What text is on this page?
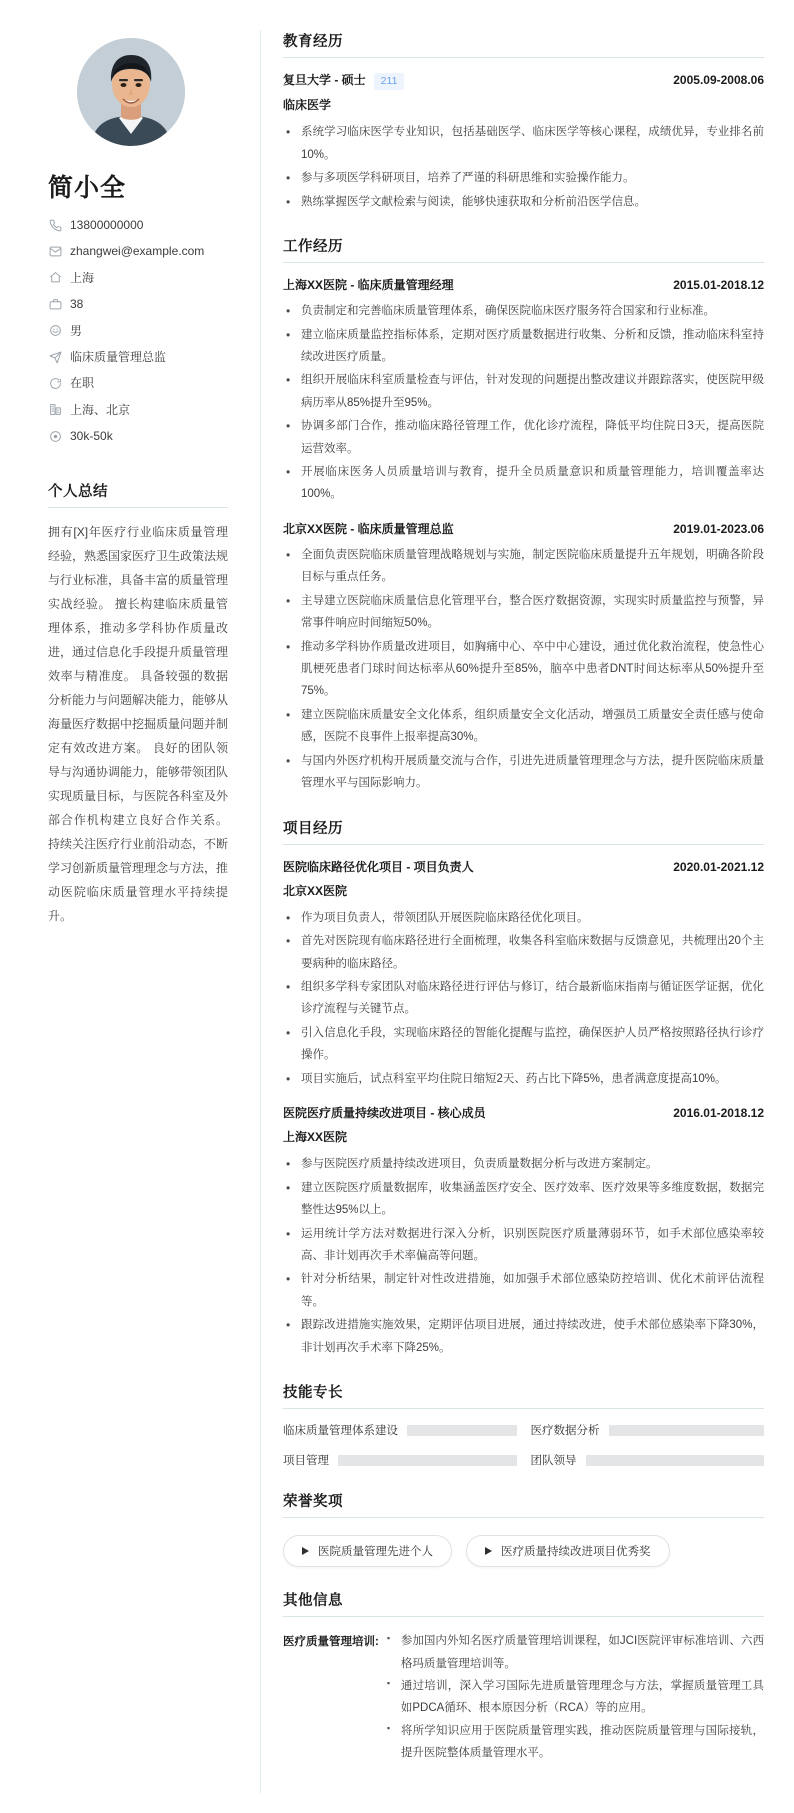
简小全
13800000000
zhangwei@example.com
上海
38
男
临床质量管理总监
在职
上海、北京
30k-50k
个人总结

拥有[X]年医疗行业临床质量管理经验，熟悉国家医疗卫生政策法规与行业标准，具备丰富的质量管理实战经验。 擅长构建临床质量管理体系，推动多学科协作质量改进，通过信息化手段提升质量管理效率与精准度。 具备较强的数据分析能力与问题解决能力，能够从海量医疗数据中挖掘质量问题并制定有效改进方案。 良好的团队领导与沟通协调能力，能够带领团队实现质量目标，与医院各科室及外部合作机构建立良好合作关系。 持续关注医疗行业前沿动态，不断学习创新质量管理理念与方法，推动医院临床质量管理水平持续提升。

教育经历
复旦大学 - 硕士	211	2005.09-2008.06
临床医学
• 系统学习临床医学专业知识，包括基础医学、临床医学等核心课程，成绩优异，专业排名前10%。
• 参与多项医学科研项目，培养了严谨的科研思维和实验操作能力。
• 熟练掌握医学文献检索与阅读，能够快速获取和分析前沿医学信息。
工作经历
上海XX医院 - 临床质量管理经理	2015.01-2018.12
• 负责制定和完善临床质量管理体系，确保医院临床医疗服务符合国家和行业标准。
• 建立临床质量监控指标体系，定期对医疗质量数据进行收集、分析和反馈，推动临床科室持续改进医疗质量。
• 组织开展临床科室质量检查与评估，针对发现的问题提出整改建议并跟踪落实，使医院甲级病历率从85%提升至95%。
• 协调多部门合作，推动临床路径管理工作，优化诊疗流程，降低平均住院日3天，提高医院运营效率。
• 开展临床医务人员质量培训与教育，提升全员质量意识和质量管理能力，培训覆盖率达100%。
北京XX医院 - 临床质量管理总监	2019.01-2023.06
• 全面负责医院临床质量管理战略规划与实施，制定医院临床质量提升五年规划，明确各阶段目标与重点任务。
• 主导建立医院临床质量信息化管理平台，整合医疗数据资源，实现实时质量监控与预警，异常事件响应时间缩短50%。
• 推动多学科协作质量改进项目，如胸痛中心、卒中中心建设，通过优化救治流程，使急性心肌梗死患者门球时间达标率从60%提升至85%，脑卒中患者DNT时间达标率从50%提升至75%。
• 建立医院临床质量安全文化体系，组织质量安全文化活动，增强员工质量安全责任感与使命感，医院不良事件上报率提高30%。
• 与国内外医疗机构开展质量交流与合作，引进先进质量管理理念与方法，提升医院临床质量管理水平与国际影响力。
项目经历
医院临床路径优化项目 - 项目负责人	2020.01-2021.12
北京XX医院
• 作为项目负责人，带领团队开展医院临床路径优化项目。
• 首先对医院现有临床路径进行全面梳理，收集各科室临床数据与反馈意见，共梳理出20个主要病种的临床路径。
• 组织多学科专家团队对临床路径进行评估与修订，结合最新临床指南与循证医学证据，优化诊疗流程与关键节点。
• 引入信息化手段，实现临床路径的智能化提醒与监控，确保医护人员严格按照路径执行诊疗操作。
• 项目实施后，试点科室平均住院日缩短2天、药占比下降5%，患者满意度提高10%。
医院医疗质量持续改进项目 - 核心成员	2016.01-2018.12
上海XX医院
• 参与医院医疗质量持续改进项目，负责质量数据分析与改进方案制定。
• 建立医院医疗质量数据库，收集涵盖医疗安全、医疗效率、医疗效果等多维度数据，数据完整性达95%以上。
• 运用统计学方法对数据进行深入分析，识别医院医疗质量薄弱环节，如手术部位感染率较高、非计划再次手术率偏高等问题。
• 针对分析结果，制定针对性改进措施，如加强手术部位感染防控培训、优化术前评估流程等。
• 跟踪改进措施实施效果，定期评估项目进展，通过持续改进，使手术部位感染率下降30%，非计划再次手术率下降25%。
技能专长
临床质量管理体系建设	医疗数据分析
项目管理	团队领导
荣誉奖项
医院质量管理先进个人	医疗质量持续改进项目优秀奖
其他信息
医疗质量管理培训:	▪ 参加国内外知名医疗质量管理培训课程，如JCI医院评审标准培训、六西格玛质量管理培训等。
▪ 通过培训，深入学习国际先进质量管理理念与方法，掌握质量管理工具如PDCA循环、根本原因分析（RCA）等的应用。
▪ 将所学知识应用于医院质量管理实践，推动医院质量管理与国际接轨，提升医院整体质量管理水平。
